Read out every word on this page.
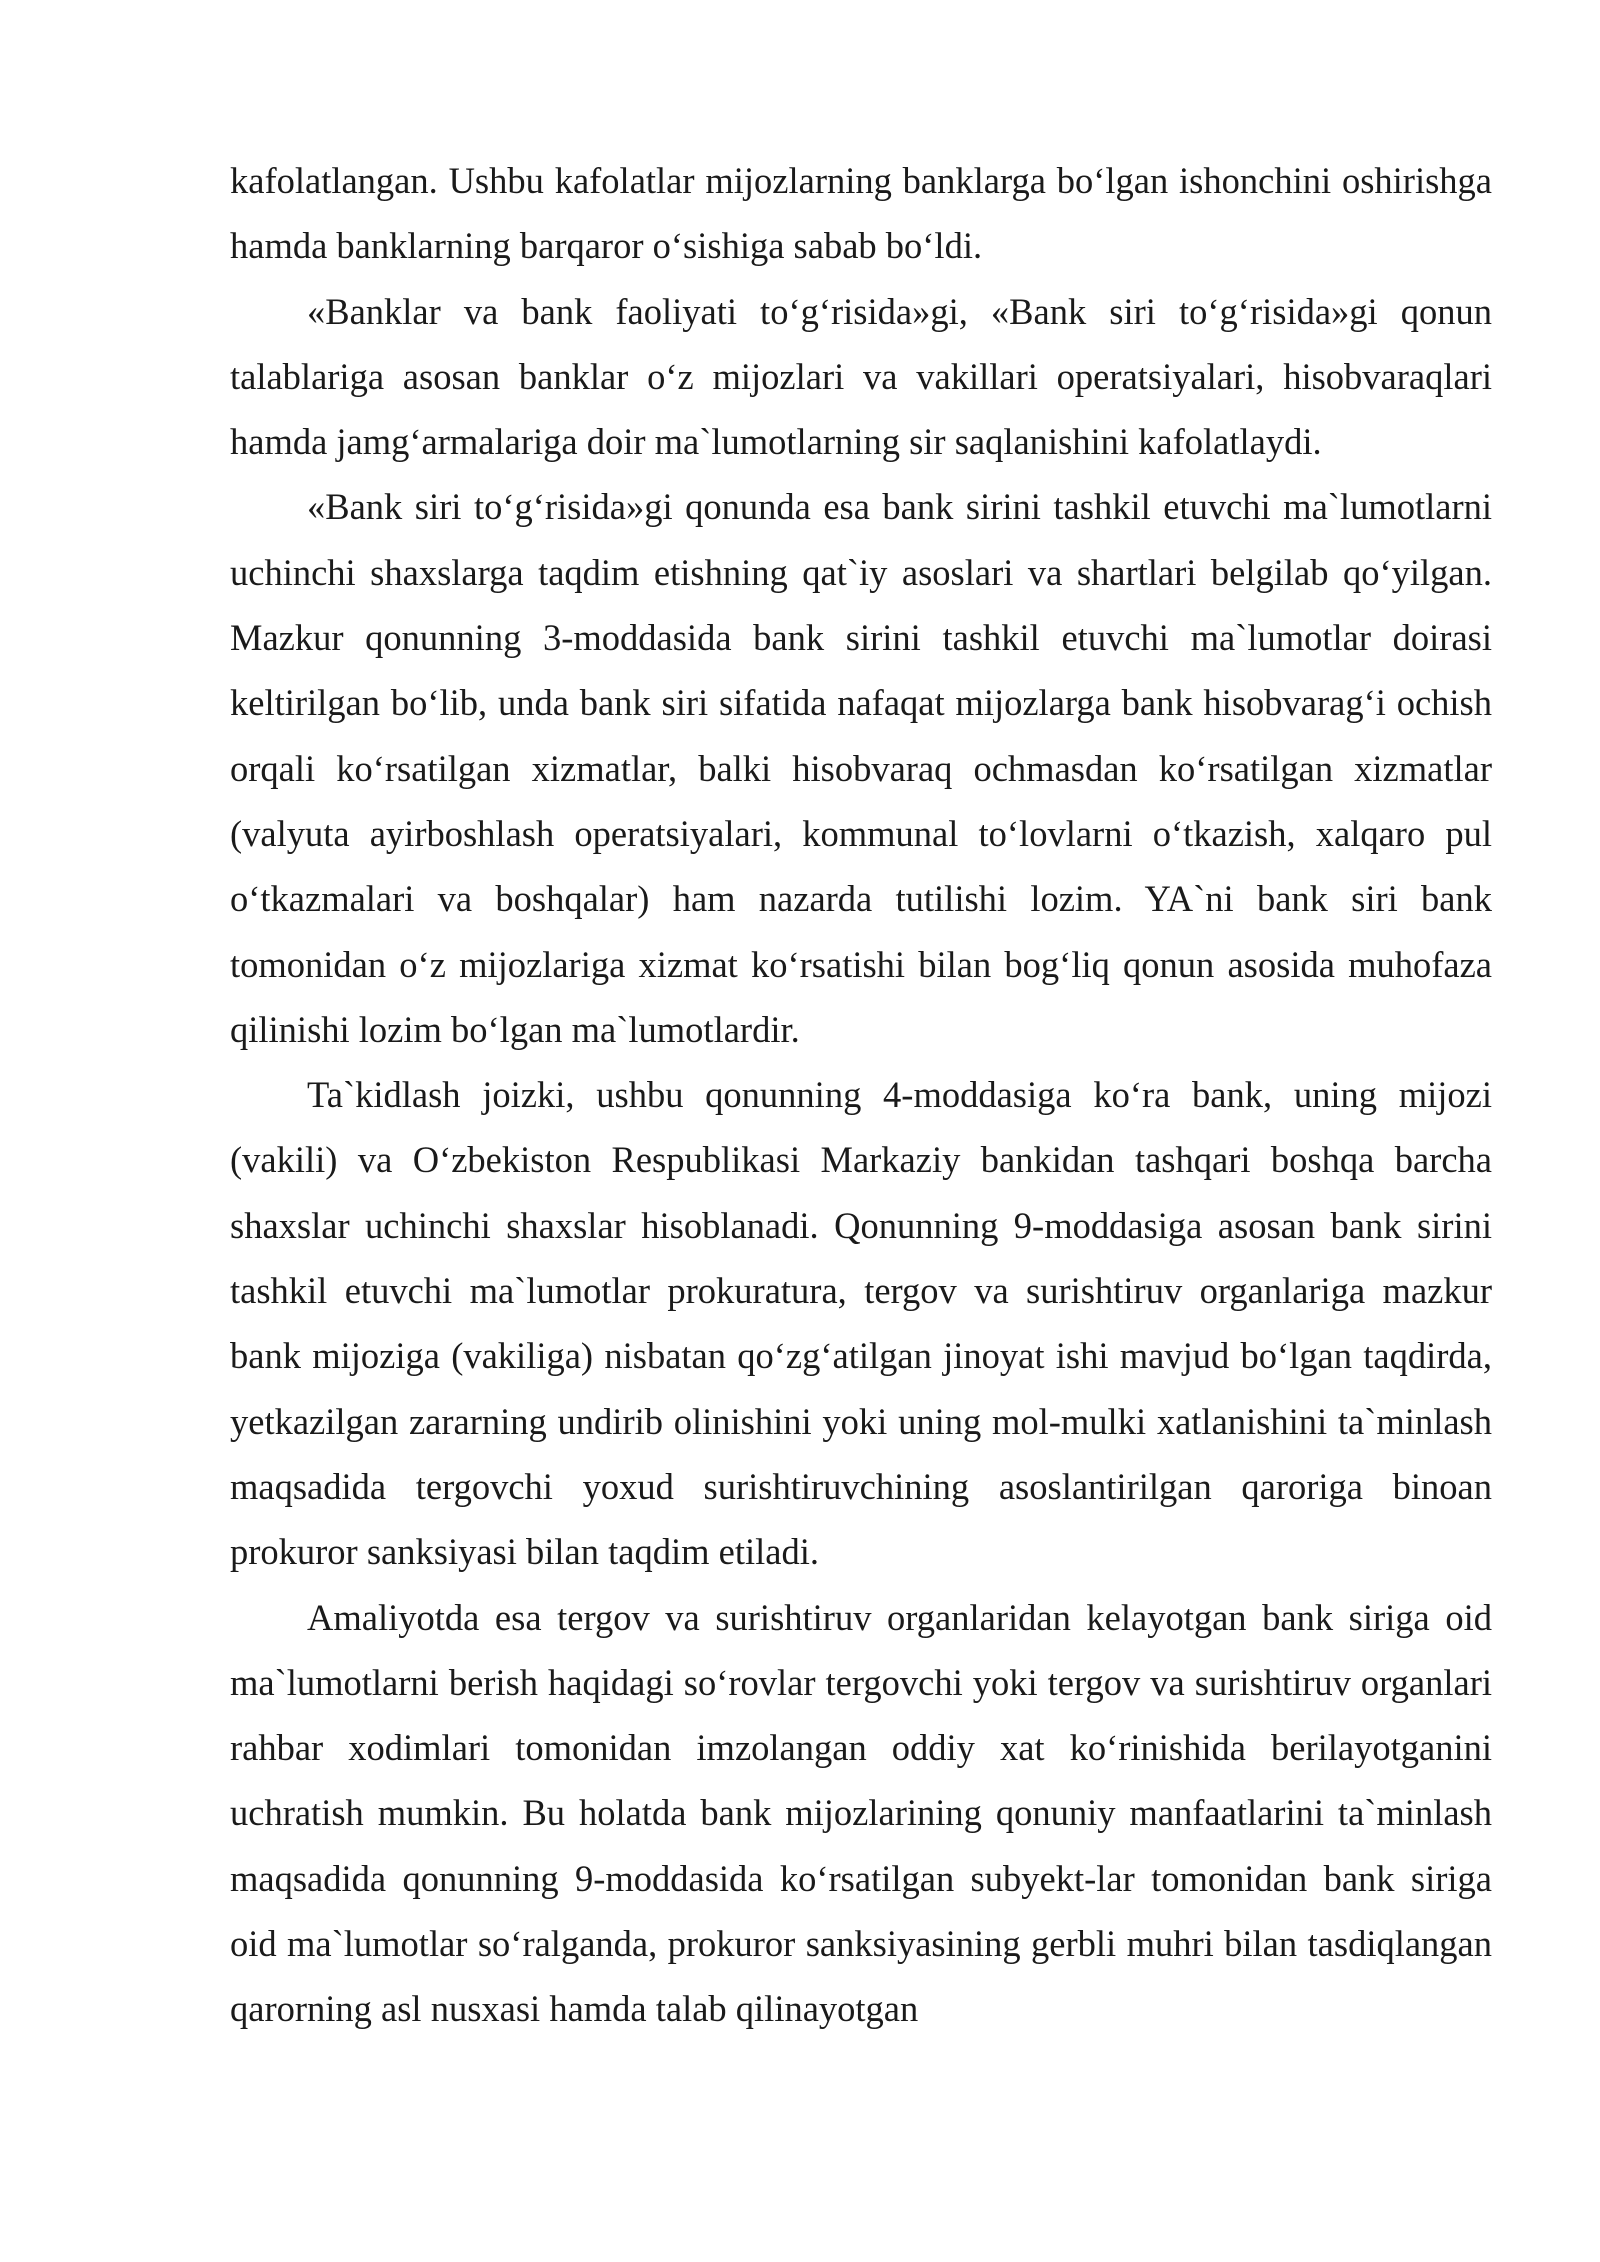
kafolatlangan. Ushbu kafolatlar mijozlarning banklarga bo‘lgan ishonchini oshirishga hamda banklarning barqaror o‘sishiga sabab bo‘ldi.

«Banklar va bank faoliyati to‘g‘risida»gi, «Bank siri to‘g‘risida»gi qonun talablariga asosan banklar o‘z mijozlari va vakillari operatsiyalari, hisobvaraqlari hamda jamg‘armalariga doir ma`lumotlarning sir saqlanishini kafolatlaydi.

«Bank siri to‘g‘risida»gi qonunda esa bank sirini tashkil etuvchi ma`lumotlarni uchinchi shaxslarga taqdim etishning qat`iy asoslari va shartlari belgilab qo‘yilgan. Mazkur qonunning 3-moddasida bank sirini tashkil etuvchi ma`lumotlar doirasi keltirilgan bo‘lib, unda bank siri sifatida nafaqat mijozlarga bank hisobvarag‘i ochish orqali ko‘rsatilgan xizmatlar, balki hisobvaraq ochmasdan ko‘rsatilgan xizmatlar (valyuta ayirboshlash operatsiyalari, kommunal to‘lovlarni o‘tkazish, xalqaro pul o‘tkazmalari va boshqalar) ham nazarda tutilishi lozim. YA`ni bank siri bank tomonidan o‘z mijozlariga xizmat ko‘rsatishi bilan bog‘liq qonun asosida muhofaza qilinishi lozim bo‘lgan ma`lumotlardir.

Ta`kidlash joizki, ushbu qonunning 4-moddasiga ko‘ra bank, uning mijozi (vakili) va O‘zbekiston Respublikasi Markaziy bankidan tashqari boshqa barcha shaxslar uchinchi shaxslar hisoblanadi. Qonunning 9-moddasiga asosan bank sirini tashkil etuvchi ma`lumotlar prokuratura, tergov va surishtiruv organlariga mazkur bank mijoziga (vakiliga) nisbatan qo‘zg‘atilgan jinoyat ishi mavjud bo‘lgan taqdirda, yetkazilgan zararning undirib olinishini yoki uning mol-mulki xatlanishini ta`minlash maqsadida tergovchi yoxud surishtiruvchining asoslantirilgan qaroriga binoan prokuror sanksiyasi bilan taqdim etiladi.

Amaliyotda esa tergov va surishtiruv organlaridan kelayotgan bank siriga oid ma`lumotlarni berish haqidagi so‘rovlar tergovchi yoki tergov va surishtiruv organlari rahbar xodimlari tomonidan imzolangan oddiy xat ko‘rinishida berilayotganini uchratish mumkin. Bu holatda bank mijozlarining qonuniy manfaatlarini ta`minlash maqsadida qonunning 9-moddasida ko‘rsatilgan subyekt-lar tomonidan bank siriga oid ma`lumotlar so‘ralganda, prokuror sanksiyasining gerbli muhri bilan tasdiqlangan qarorning asl nusxasi hamda talab qilinayotgan
